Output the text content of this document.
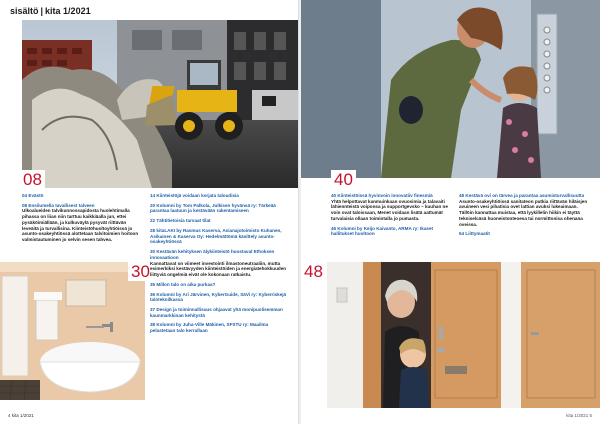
sisältö | kita 1/2021
08
04 Evästö
08 Ensilumella tavallisest talveen
Ulkoalueiden talvikunnossapidosta huolehtimalla pihassa on liian niin tarttuu kaikkiäalla jun, ettei pysäköimiällään, ja kulkuväylä pysyvät riittävän leveäitä ja turvallisina. Kiinteistöhuoltoyhtiöissä jo asunto-osakeyhtiössä alottetaan talvitoimien hoitoon valmistautuminen jo selvin sesen tahvea.
30
14 Kiinteistöjä voidaan korjata taloudisia
20 Kolumni by Tom Palkola, Julkisen hyvänsä ry: Tärkeää parantaa laatuun ja kestävään rakentamiseen
22 Tähtitietoisia tarvaat tilat
28 kitaLAKI by Rasmus Kaserva, Asianajotoimisto Kuhanen, Asikainen & Kaserva Oy: Hedelmättömä käsittely asunto-osakeyhtiössä
30 Kestävän kehityksen älykiinteistö huostaval Ethoksen innovaatioon
Kannattavat on viimeet investointi ilmastoneutraaliin, mutta esimerkiksi kestävyyden kiinteistöiden ja energiatehokkuuden liittyviä ongelmiä eivät ole kokonaan ratkaistu.
35 Millon talo on aika purkaa?
36 Kolumni by Ari Järvinen, KyberGuide, SäVi ry: Kyberriskejä taloteknilkassa
37 Design ja toiminnallisuus ohjaavat yhä monipuolisemman kaunmarkkinan kehitystä
38 Kolumni by Juha-Ville Mäkinen, SFSTU ry: Maailma pelastetaan talo kerrallaan
4 kita 1/2021
40
40 Kiinteistöissä hyvinvoin innovatiiv finesmiä
Yhtä helpottavat kanmuinkaan ovuosimia ja talavaiti lähiennteistä voiponsa ja supportgevsko – kuuhan ne voin ovat taloissaan, Menet voidaan lisätä aattumät turvalaisia ollaan toimintalla jo pumasta.
46 Kolumni by Keijo Kaivanto, ARMA ry: Ikaset hallitukset huoltoon
48 Kestävä ovi on tärvea ja parantaa asumisturvallisuutta
Asunto-osakeyhtiöissä sanitateon putkia riittävän hiläisjen avuineen vesi pihatisia ovet lattian avuksi lukeaimaan. Tällöin kannattaa muistaa, että lyykillelin hiikin ei täyttä tekniselcäsä huoneistonteoesa tai normittonisa ohenana oveissa.
54 Liittymaatit
48
kita 1/2021 5
